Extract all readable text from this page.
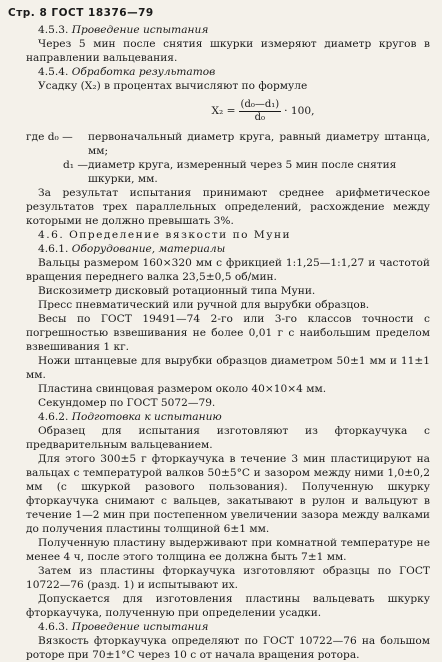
Стр. 8 ГОСТ 18376—79

4.5.3. Проведение испытания

Через 5 мин после снятия шкурки измеряют диаметр кругов в направлении вальцевания.

4.5.4. Обработка результатов

Усадку (X₂) в процентах вычисляют по формуле

$X_2 = \frac{\text{(d₀—d₁)}}{\text{d₀}} \cdot 100$,
где d₀ —	первоначальный диаметр круга, равный диаметру штанца, мм;
d₁ — диаметр круга, измеренный через 5 мин после снятия шкурки, мм.

За результат испытания принимают среднее арифметическое результатов трех параллельных определений, расхождение между которыми не должно превышать 3%.

4.6. Определение вязкости по Муни

4.6.1. Оборудование, материалы

Вальцы размером 160×320 мм с фрикцией 1:1,25—1:1,27 и частотой вращения переднего валка 23,5±0,5 об/мин.

Вискозиметр дисковый ротационный типа Муни.

Пресс пневматический или ручной для вырубки образцов.

Весы по ГОСТ 19491—74 2-го или 3-го классов точности с погрешностью взвешивания не более 0,01 г с наибольшим пределом взвешивания 1 кг.

Ножи штанцевые для вырубки образцов диаметром 50±1 мм и 11±1 мм.

Пластина свинцовая размером около 40×10×4 мм.

Секундомер по ГОСТ 5072—79.

4.6.2. Подготовка к испытанию

Образец для испытания изготовляют из фторкаучука с предварительным вальцеванием.

Для этого 300±5 г фторкаучука в течение 3 мин пластицируют на вальцах с температурой валков 50±5°С и зазором между ними 1,0±0,2 мм (с шкуркой разового пользования). Полученную шкурку фторкаучука снимают с вальцев, закатывают в рулон и вальцуют в течение 1—2 мин при постепенном увеличении зазора между валками до получения пластины толщиной 6±1 мм.

Полученную пластину выдерживают при комнатной температуре не менее 4 ч, после этого толщина ее должна быть 7±1 мм.

Затем из пластины фторкаучука изготовляют образцы по ГОСТ 10722—76 (разд. 1) и испытывают их.

Допускается для изготовления пластины вальцевать шкурку фторкаучука, полученную при определении усадки.

4.6.3. Проведение испытания

Вязкость фторкаучука определяют по ГОСТ 10722—76 на большом роторе при 70±1°С через 10 с от начала вращения ротора.
